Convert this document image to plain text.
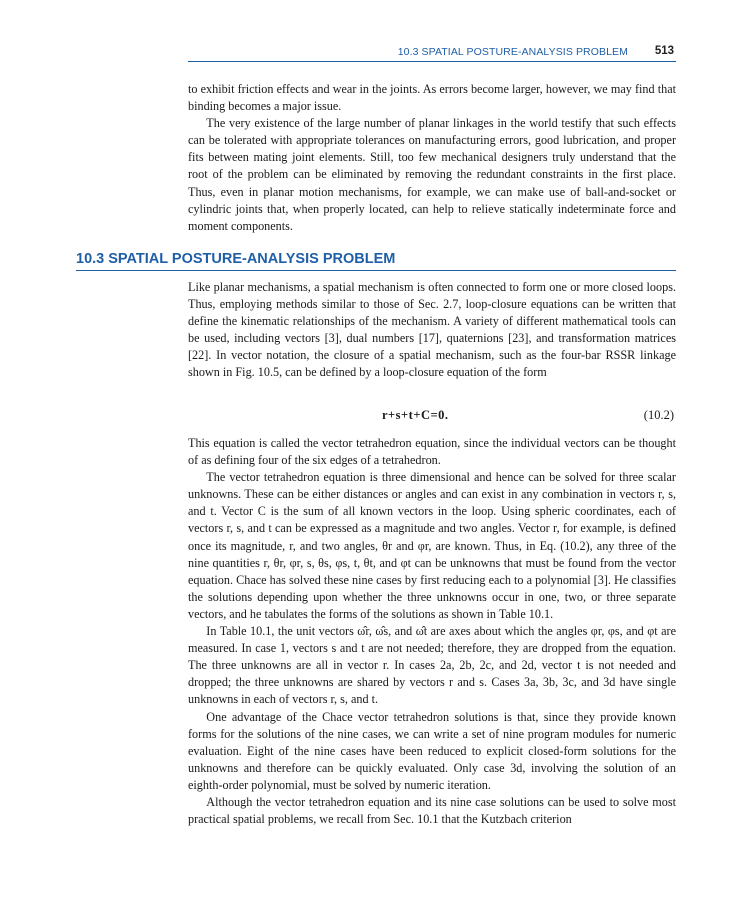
10.3 SPATIAL POSTURE-ANALYSIS PROBLEM 513

to exhibit friction effects and wear in the joints. As errors become larger, however, we may find that binding becomes a major issue.

The very existence of the large number of planar linkages in the world testify that such effects can be tolerated with appropriate tolerances on manufacturing errors, good lubrication, and proper fits between mating joint elements. Still, too few mechanical designers truly understand that the root of the problem can be eliminated by removing the redundant constraints in the first place. Thus, even in planar motion mechanisms, for example, we can make use of ball-and-socket or cylindric joints that, when properly located, can help to relieve statically indeterminate force and moment components.

10.3 SPATIAL POSTURE-ANALYSIS PROBLEM

Like planar mechanisms, a spatial mechanism is often connected to form one or more closed loops. Thus, employing methods similar to those of Sec. 2.7, loop-closure equations can be written that define the kinematic relationships of the mechanism. A variety of different mathematical tools can be used, including vectors [3], dual numbers [17], quaternions [23], and transformation matrices [22]. In vector notation, the closure of a spatial mechanism, such as the four-bar RSSR linkage shown in Fig. 10.5, can be defined by a loop-closure equation of the form

r+s+t+C=0.	(10.2)

This equation is called the vector tetrahedron equation, since the individual vectors can be thought of as defining four of the six edges of a tetrahedron.

The vector tetrahedron equation is three dimensional and hence can be solved for three scalar unknowns. These can be either distances or angles and can exist in any combination in vectors r, s, and t. Vector C is the sum of all known vectors in the loop. Using spheric coordinates, each of vectors r, s, and t can be expressed as a magnitude and two angles. Vector r, for example, is defined once its magnitude, r, and two angles, θr and φr, are known. Thus, in Eq. (10.2), any three of the nine quantities r, θr, φr, s, θs, φs, t, θt, and φt can be unknowns that must be found from the vector equation. Chace has solved these nine cases by first reducing each to a polynomial [3]. He classifies the solutions depending upon whether the three unknowns occur in one, two, or three separate vectors, and he tabulates the forms of the solutions as shown in Table 10.1.

In Table 10.1, the unit vectors ω̂r, ω̂s, and ω̂t are axes about which the angles φr, φs, and φt are measured. In case 1, vectors s and t are not needed; therefore, they are dropped from the equation. The three unknowns are all in vector r. In cases 2a, 2b, 2c, and 2d, vector t is not needed and dropped; the three unknowns are shared by vectors r and s. Cases 3a, 3b, 3c, and 3d have single unknowns in each of vectors r, s, and t.

One advantage of the Chace vector tetrahedron solutions is that, since they provide known forms for the solutions of the nine cases, we can write a set of nine program modules for numeric evaluation. Eight of the nine cases have been reduced to explicit closed-form solutions for the unknowns and therefore can be quickly evaluated. Only case 3d, involving the solution of an eighth-order polynomial, must be solved by numeric iteration.

Although the vector tetrahedron equation and its nine case solutions can be used to solve most practical spatial problems, we recall from Sec. 10.1 that the Kutzbach criterion
